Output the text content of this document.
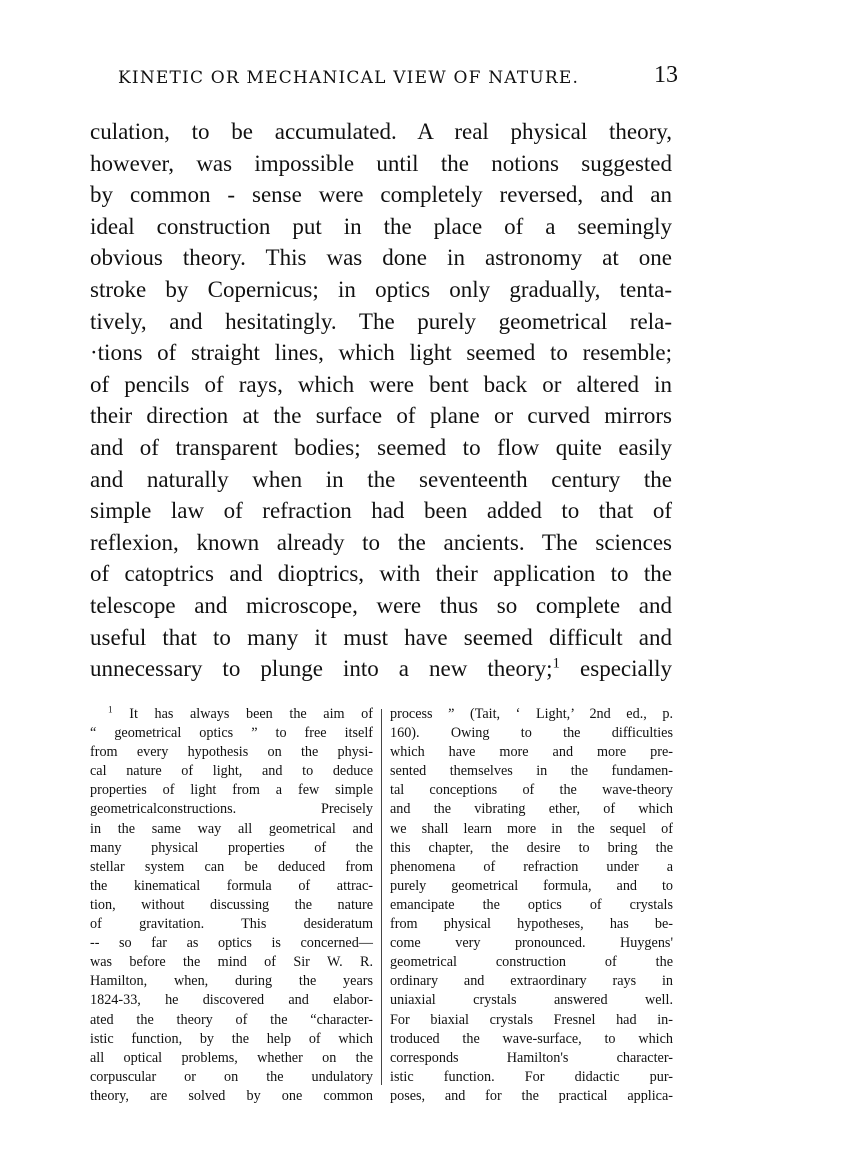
KINETIC OR MECHANICAL VIEW OF NATURE.	13
culation, to be accumulated. A real physical theory,
however, was impossible until the notions suggested
by common - sense were completely reversed, and an
ideal construction put in the place of a seemingly
obvious theory. This was done in astronomy at one
stroke by Copernicus; in optics only gradually, tenta-
tively, and hesitatingly. The purely geometrical rela-
·tions of straight lines, which light seemed to resemble;
of pencils of rays, which were bent back or altered in
their direction at the surface of plane or curved mirrors
and of transparent bodies; seemed to flow quite easily
and naturally when in the seventeenth century the
simple law of refraction had been added to that of
reflexion, known already to the ancients. The sciences
of catoptrics and dioptrics, with their application to the
telescope and microscope, were thus so complete and
useful that to many it must have seemed difficult and
unnecessary to plunge into a new theory;$^1$ especially
$^1$ It has always been the aim of
“ geometrical optics ” to free itself
from every hypothesis on the physi-
cal nature of light, and to deduce
properties of light from a few simple
geometricalconstructions. Precisely
in the same way all geometrical and
many physical properties of the
stellar system can be deduced from
the kinematical formula of attrac-
tion, without discussing the nature
of gravitation. This desideratum
-- so far as optics is concerned—
was before the mind of Sir W. R.
Hamilton, when, during the years
1824-33, he discovered and elabor-
ated the theory of the “character-
istic function, by the help of which
all optical problems, whether on the
corpuscular or on the undulatory
theory, are solved by one common
process ” (Tait, ‘ Light,’ 2nd ed., p.
160). Owing to the difficulties
which have more and more pre-
sented themselves in the fundamen-
tal conceptions of the wave-theory
and the vibrating ether, of which
we shall learn more in the sequel of
this chapter, the desire to bring the
phenomena of refraction under a
purely geometrical formula, and to
emancipate the optics of crystals
from physical hypotheses, has be-
come very pronounced. Huygens'
geometrical construction of the
ordinary and extraordinary rays in
uniaxial crystals answered well.
For biaxial crystals Fresnel had in-
troduced the wave-surface, to which
corresponds Hamilton's character-
istic function. For didactic pur-
poses, and for the practical applica-
